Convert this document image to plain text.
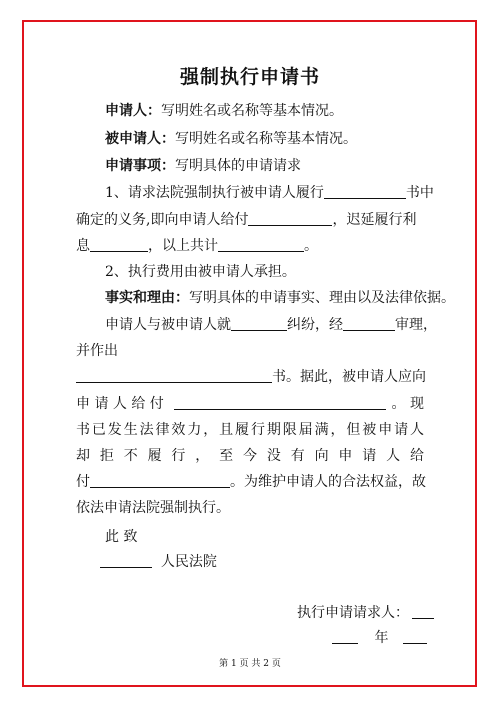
强制执行申请书
申请人：写明姓名或名称等基本情况。
被申请人：写明姓名或名称等基本情况。
申请事项：写明具体的申请请求
1、请求法院强制执行被申请人履行	书中
确定的义务,即向申请人给付	，迟延履行利
息	，以上共计	。
2、执行费用由被申请人承担。
事实和理由：写明具体的申请事实、理由以及法律依据。
申请人与被申请人就	纠纷，经	审理，
并作出
书。据此，被申请人应向
申 请 人 给 付	。 现
书已发生法律效力，且履行期限届满，但被申请人
却 拒 不 履 行 ， 至 今 没 有 向 申 请 人 给
付	。为维护申请人的合法权益，故
依法申请法院强制执行。
此 致
人民法院
执行申请请求人：
年
第 1 页 共 2 页
